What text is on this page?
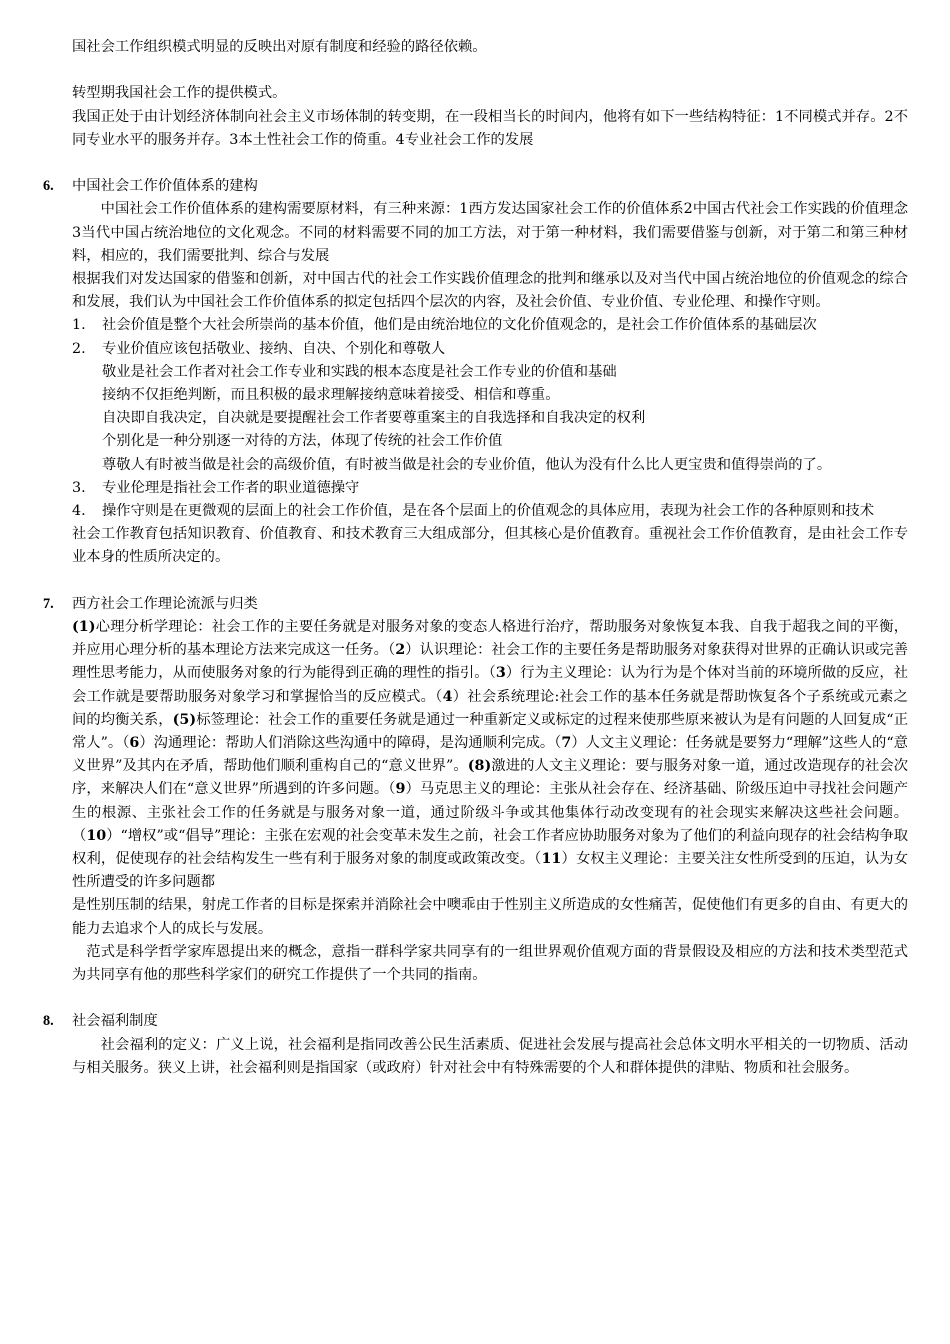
国社会工作组织模式明显的反映出对原有制度和经验的路径依赖。

转型期我国社会工作的提供模式。

我国正处于由计划经济体制向社会主义市场体制的转变期，在一段相当长的时间内，他将有如下一些结构特征：1不同模式并存。2不同专业水平的服务并存。3本土性社会工作的倚重。4专业社会工作的发展

6. 中国社会工作价值体系的建构

中国社会工作价值体系的建构需要原材料，有三种来源：1西方发达国家社会工作的价值体系2中国古代社会工作实践的价值理念3当代中国占统治地位的文化观念。不同的材料需要不同的加工方法，对于第一种材料，我们需要借鉴与创新，对于第二和第三种材料，相应的，我们需要批判、综合与发展

根据我们对发达国家的借鉴和创新，对中国古代的社会工作实践价值理念的批判和继承以及对当代中国占统治地位的价值观念的综合和发展，我们认为中国社会工作价值体系的拟定包括四个层次的内容，及社会价值、专业价值、专业伦理、和操作守则。

1. 社会价值是整个大社会所崇尚的基本价值，他们是由统治地位的文化价值观念的，是社会工作价值体系的基础层次

2. 专业价值应该包括敬业、接纳、自决、个别化和尊敬人

敬业是社会工作者对社会工作专业和实践的根本态度是社会工作专业的价值和基础

接纳不仅拒绝判断，而且积极的最求理解接纳意味着接受、相信和尊重。

自决即自我决定，自决就是要提醒社会工作者要尊重案主的自我选择和自我决定的权利

个别化是一种分别逐一对待的方法，体现了传统的社会工作价值

尊敬人有时被当做是社会的高级价值，有时被当做是社会的专业价值，他认为没有什么比人更宝贵和值得崇尚的了。

3. 专业伦理是指社会工作者的职业道德操守

4. 操作守则是在更微观的层面上的社会工作价值，是在各个层面上的价值观念的具体应用，表现为社会工作的各种原则和技术

社会工作教育包括知识教育、价值教育、和技术教育三大组成部分，但其核心是价值教育。重视社会工作价值教育，是由社会工作专业本身的性质所决定的。

7. 西方社会工作理论流派与归类

(1)心理分析学理论：社会工作的主要任务就是对服务对象的变态人格进行治疗，帮助服务对象恢复本我、自我于超我之间的平衡，并应用心理分析的基本理论方法来完成这一任务。（2）认识理论：社会工作的主要任务是帮助服务对象获得对世界的正确认识或完善理性思考能力，从而使服务对象的行为能得到正确的理性的指引。（3）行为主义理论：认为行为是个体对当前的环境所做的反应，社会工作就是要帮助服务对象学习和掌握恰当的反应模式。（4）社会系统理论:社会工作的基本任务就是帮助恢复各个子系统或元素之间的均衡关系，(5)标签理论：社会工作的重要任务就是通过一种重新定义或标定的过程来使那些原来被认为是有问题的人回复成“正常人”。（6）沟通理论：帮助人们消除这些沟通中的障碍，是沟通顺利完成。（7）人文主义理论：任务就是要努力“理解”这些人的“意义世界”及其内在矛盾，帮助他们顺利重构自己的“意义世界”。(8)激进的人文主义理论：要与服务对象一道，通过改造现存的社会次序，来解决人们在“意义世界”所遇到的许多问题。（9）马克思主义的理论：主张从社会存在、经济基础、阶级压迫中寻找社会问题产生的根源、主张社会工作的任务就是与服务对象一道，通过阶级斗争或其他集体行动改变现有的社会现实来解决这些社会问题。（10）“增权”或“倡导”理论：主张在宏观的社会变革未发生之前，社会工作者应协助服务对象为了他们的利益向现存的社会结构争取权利，促使现存的社会结构发生一些有利于服务对象的制度或政策改变。（11）女权主义理论：主要关注女性所受到的压迫，认为女性所遭受的许多问题都

是性别压制的结果，射虎工作者的目标是探索并消除社会中噢乖由于性别主义所造成的女性痛苦，促使他们有更多的自由、有更大的能力去追求个人的成长与发展。

范式是科学哲学家库恩提出来的概念，意指一群科学家共同享有的一组世界观价值观方面的背景假设及相应的方法和技术类型范式为共同享有他的那些科学家们的研究工作提供了一个共同的指南。

8. 社会福利制度

社会福利的定义：广义上说，社会福利是指同改善公民生活素质、促进社会发展与提高社会总体文明水平相关的一切物质、活动与相关服务。狭义上讲，社会福利则是指国家（或政府）针对社会中有特殊需要的个人和群体提供的津贴、物质和社会服务。
